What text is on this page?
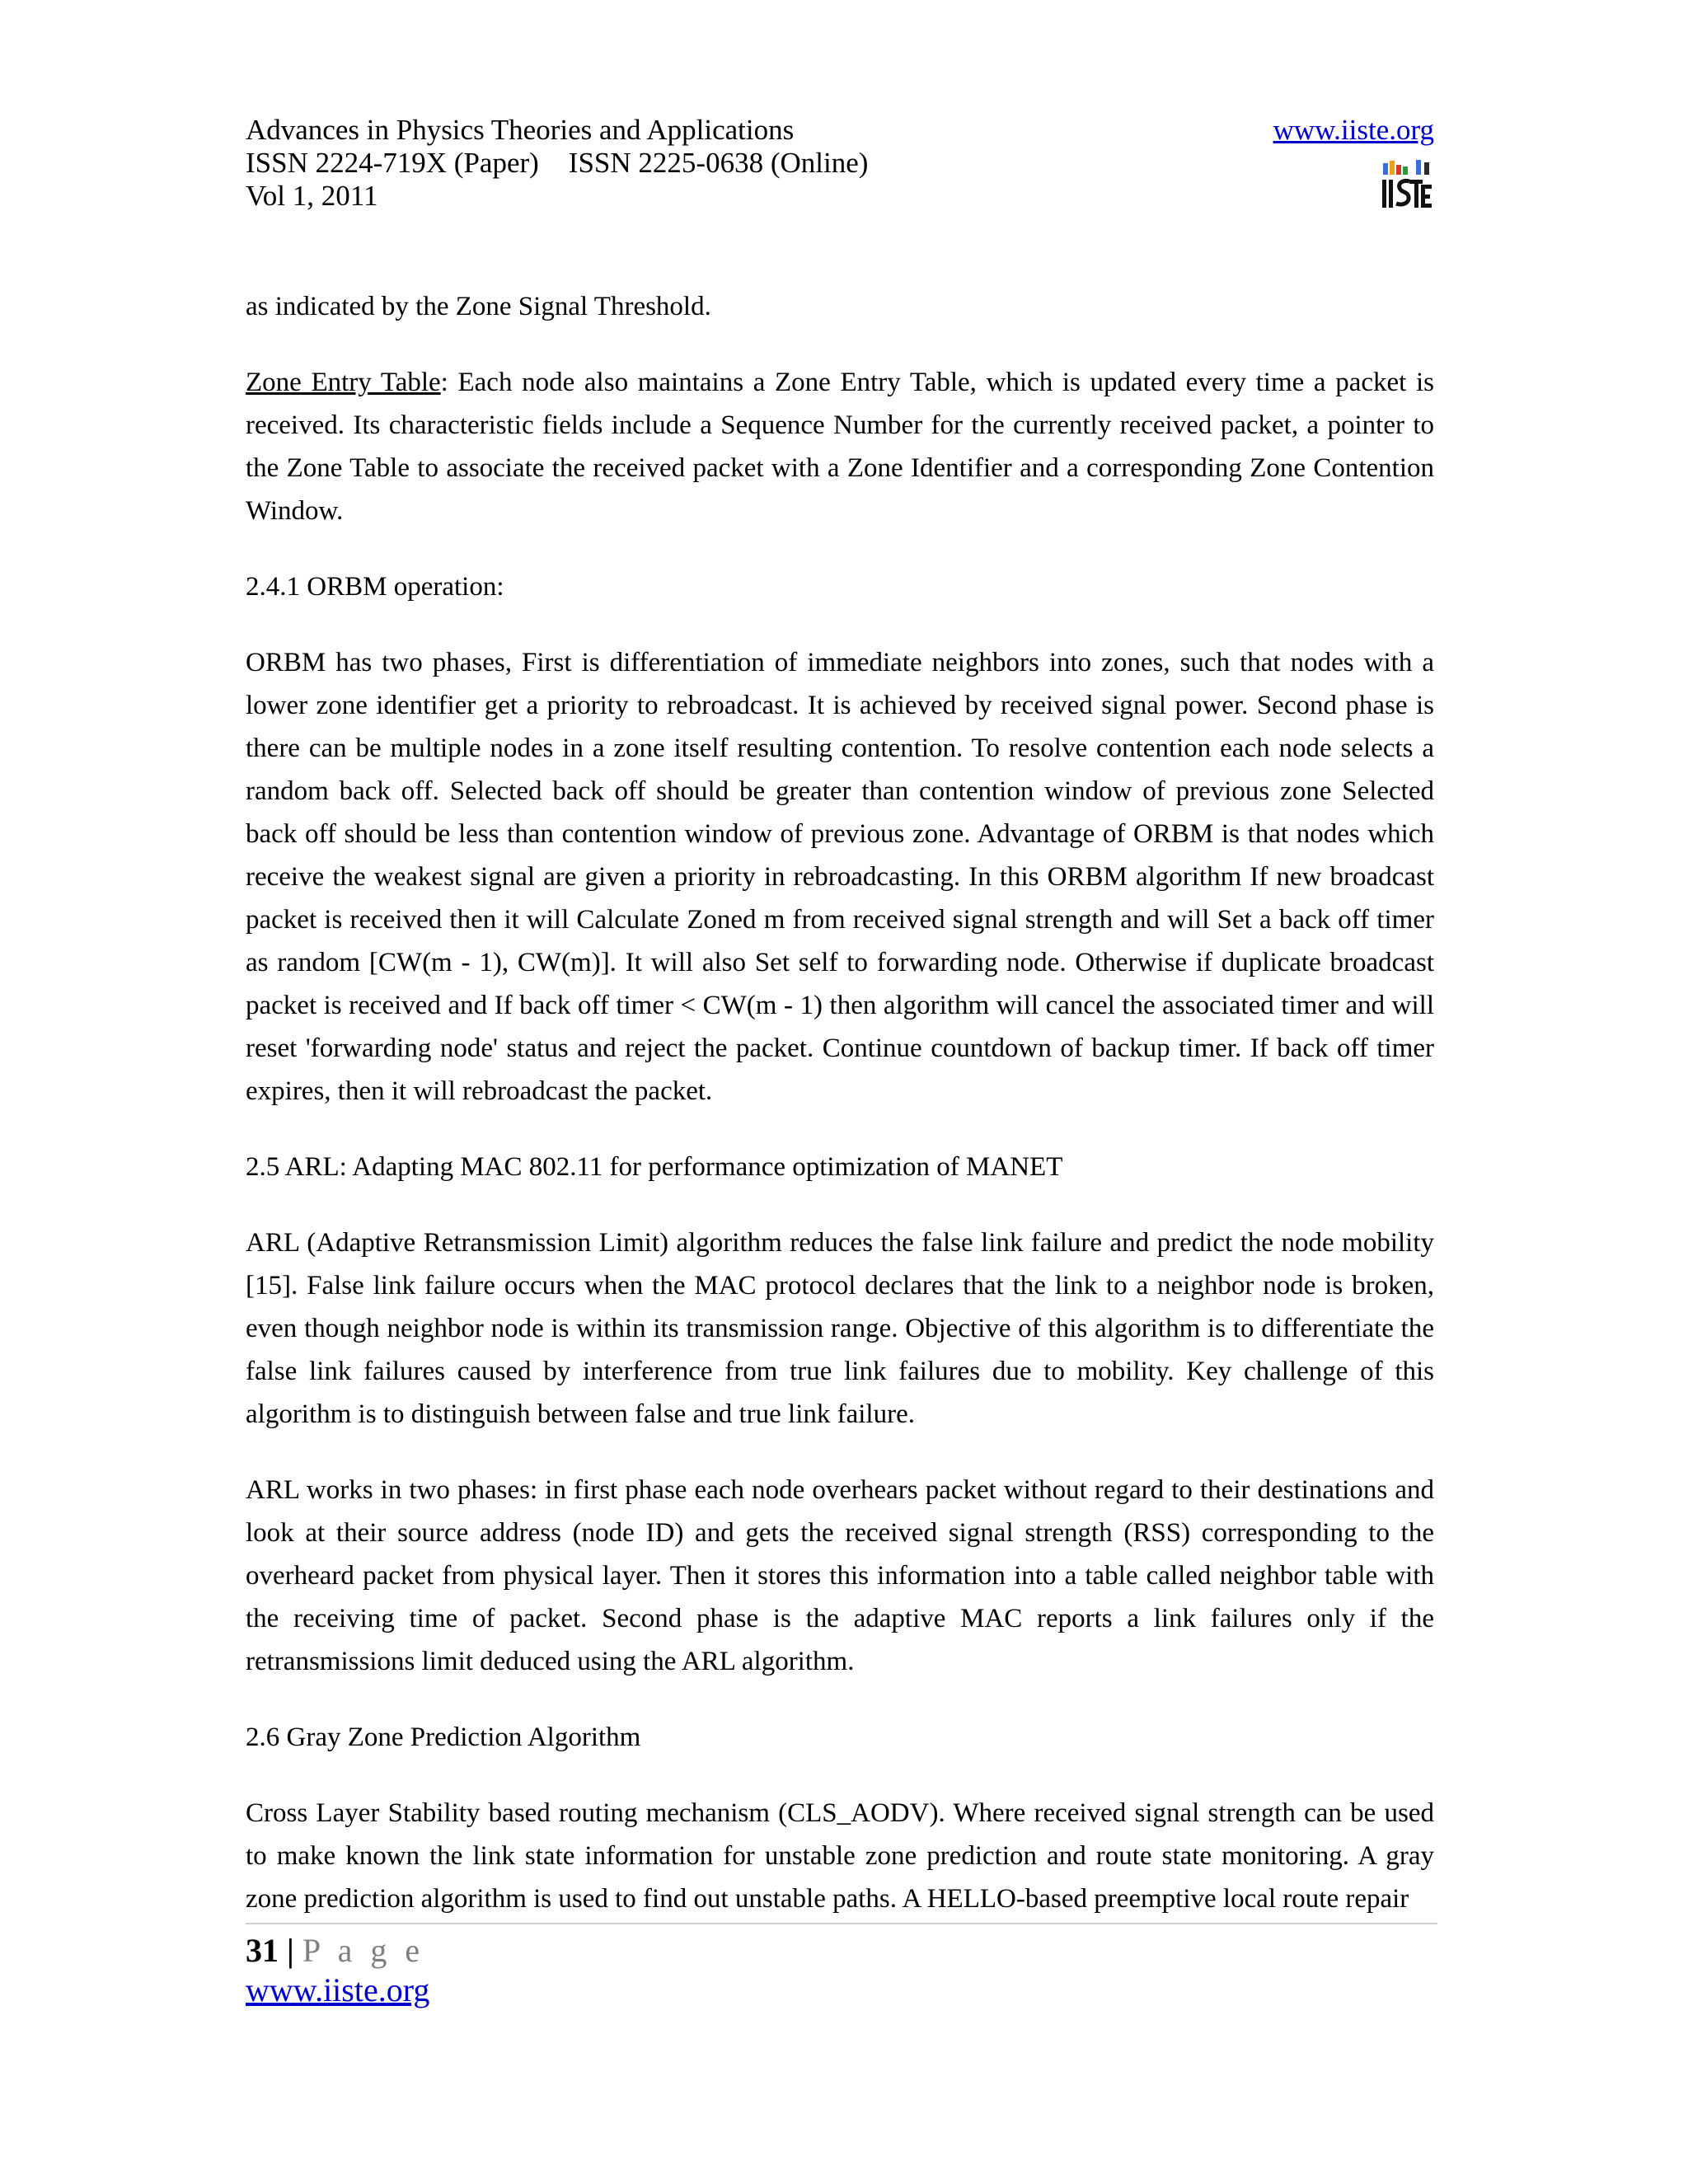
Advances in Physics Theories and Applications
ISSN 2224-719X (Paper) ISSN 2225-0638 (Online)
Vol 1, 2011
www.iiste.org

as indicated by the Zone Signal Threshold.

Zone Entry Table: Each node also maintains a Zone Entry Table, which is updated every time a packet is received. Its characteristic fields include a Sequence Number for the currently received packet, a pointer to the Zone Table to associate the received packet with a Zone Identifier and a corresponding Zone Contention Window.

2.4.1 ORBM operation:

ORBM has two phases, First is differentiation of immediate neighbors into zones, such that nodes with a lower zone identifier get a priority to rebroadcast. It is achieved by received signal power. Second phase is there can be multiple nodes in a zone itself resulting contention. To resolve contention each node selects a random back off. Selected back off should be greater than contention window of previous zone Selected back off should be less than contention window of previous zone. Advantage of ORBM is that nodes which receive the weakest signal are given a priority in rebroadcasting. In this ORBM algorithm If new broadcast packet is received then it will Calculate Zoned m from received signal strength and will Set a back off timer as random [CW(m - 1), CW(m)]. It will also Set self to forwarding node. Otherwise if duplicate broadcast packet is received and If back off timer < CW(m - 1) then algorithm will cancel the associated timer and will reset 'forwarding node' status and reject the packet. Continue countdown of backup timer. If back off timer expires, then it will rebroadcast the packet.

2.5 ARL: Adapting MAC 802.11 for performance optimization of MANET

ARL (Adaptive Retransmission Limit) algorithm reduces the false link failure and predict the node mobility [15]. False link failure occurs when the MAC protocol declares that the link to a neighbor node is broken, even though neighbor node is within its transmission range. Objective of this algorithm is to differentiate the false link failures caused by interference from true link failures due to mobility. Key challenge of this algorithm is to distinguish between false and true link failure.

ARL works in two phases: in first phase each node overhears packet without regard to their destinations and look at their source address (node ID) and gets the received signal strength (RSS) corresponding to the overheard packet from physical layer. Then it stores this information into a table called neighbor table with the receiving time of packet. Second phase is the adaptive MAC reports a link failures only if the retransmissions limit deduced using the ARL algorithm.

2.6 Gray Zone Prediction Algorithm

Cross Layer Stability based routing mechanism (CLS_AODV). Where received signal strength can be used to make known the link state information for unstable zone prediction and route state monitoring. A gray zone prediction algorithm is used to find out unstable paths. A HELLO-based preemptive local route repair

31 | P a g e
www.iiste.org
